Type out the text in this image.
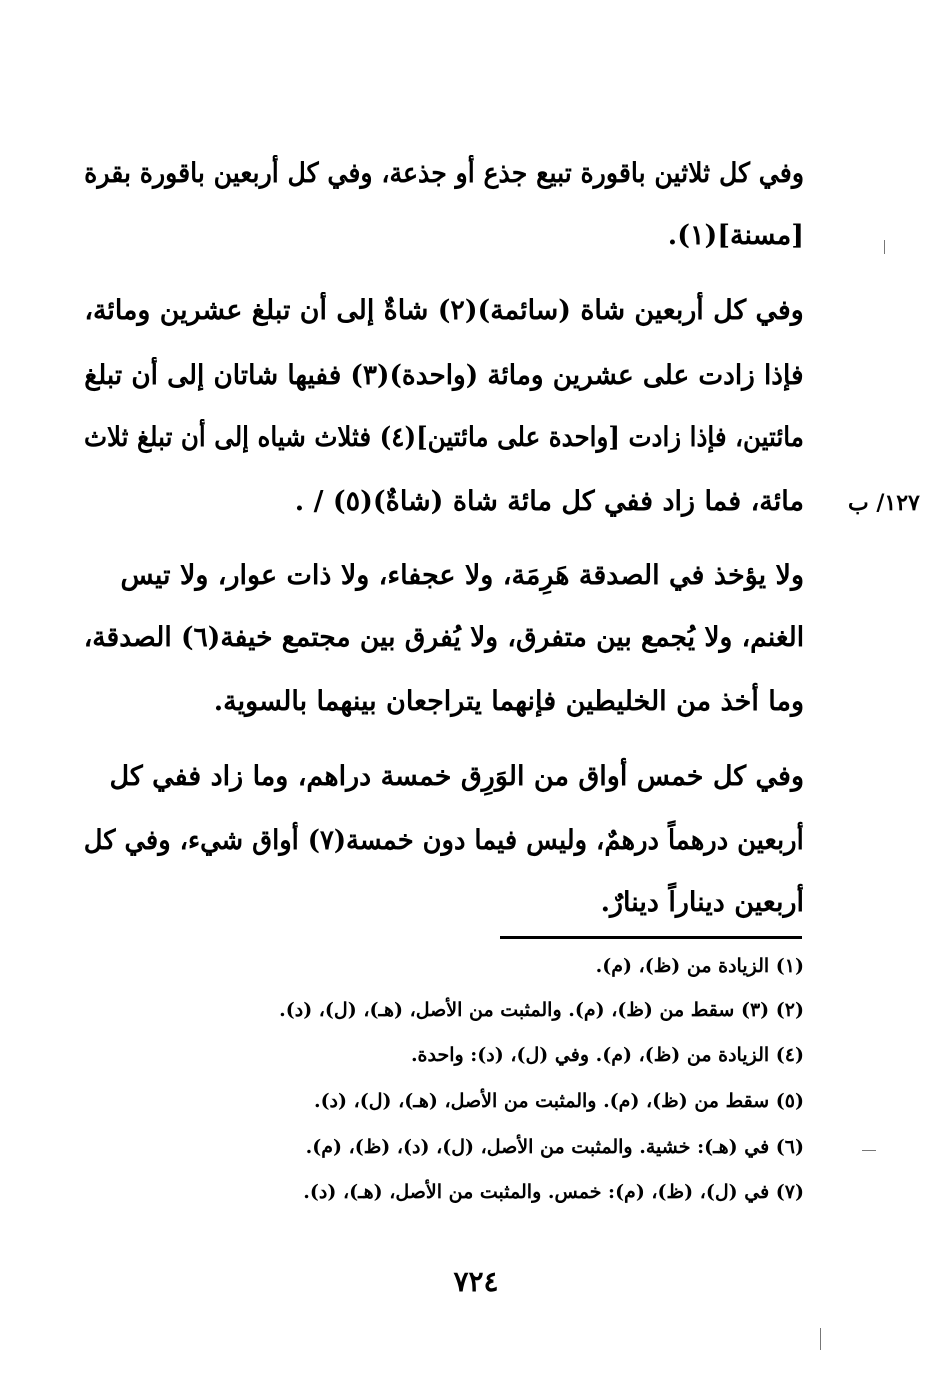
وفي كل ثلاثين باقورة تبيع جذع أو جذعة، وفي كل أربعين باقورة بقرة
[مسنة](١).
وفي كل أربعين شاة (سائمة)(٢) شاةٌ إلى أن تبلغ عشرين ومائة،
فإذا زادت على عشرين ومائة (واحدة)(٣) ففيها شاتان إلى أن تبلغ
مائتين، فإذا زادت [واحدة على مائتين](٤) فثلاث شياه إلى أن تبلغ ثلاث
مائة، فما زاد ففي كل مائة شاة (شاةٌ)(٥) / . ١٢٧/ ب
ولا يؤخذ في الصدقة هَرِمَة، ولا عجفاء، ولا ذات عوار، ولا تيس
الغنم، ولا يُجمع بين متفرق، ولا يُفرق بين مجتمع خيفة(٦) الصدقة،
وما أخذ من الخليطين فإنهما يتراجعان بينهما بالسوية.
وفي كل خمس أواق من الوَرِق خمسة دراهم، وما زاد ففي كل
أربعين درهماً درهمٌ، وليس فيما دون خمسة(٧) أواق شيء، وفي كل
أربعين ديناراً دينارٌ.
(١) الزيادة من (ظ)، (م).
(٢) (٣) سقط من (ظ)، (م). والمثبت من الأصل، (هـ)، (ل)، (د).
(٤) الزيادة من (ظ)، (م). وفي (ل)، (د): واحدة.
(٥) سقط من (ظ)، (م). والمثبت من الأصل، (هـ)، (ل)، (د).
(٦) في (هـ): خشية. والمثبت من الأصل، (ل)، (د)، (ظ)، (م).
(٧) في (ل)، (ظ)، (م): خمس. والمثبت من الأصل، (هـ)، (د).
٧٢٤
